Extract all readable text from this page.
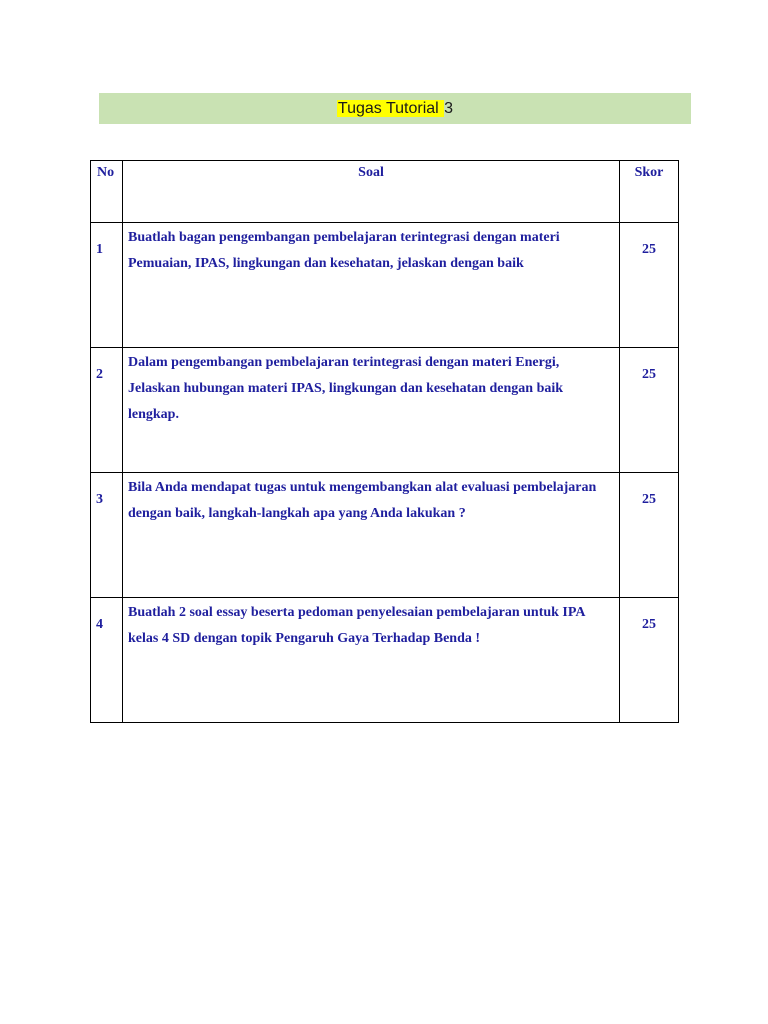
Tugas Tutorial 3
No	Soal	Skor
1	Buatlah bagan pengembangan pembelajaran terintegrasi dengan materi Pemuaian, IPAS, lingkungan dan kesehatan, jelaskan dengan baik	25
2	Dalam pengembangan pembelajaran terintegrasi dengan materi Energi, Jelaskan hubungan materi IPAS, lingkungan dan kesehatan dengan baik lengkap.	25
3	Bila Anda mendapat tugas untuk mengembangkan alat evaluasi pembelajaran dengan baik, langkah-langkah apa yang Anda lakukan ?	25
4	Buatlah 2 soal essay beserta pedoman penyelesaian pembelajaran untuk IPA kelas 4 SD dengan topik Pengaruh Gaya Terhadap Benda !	25
